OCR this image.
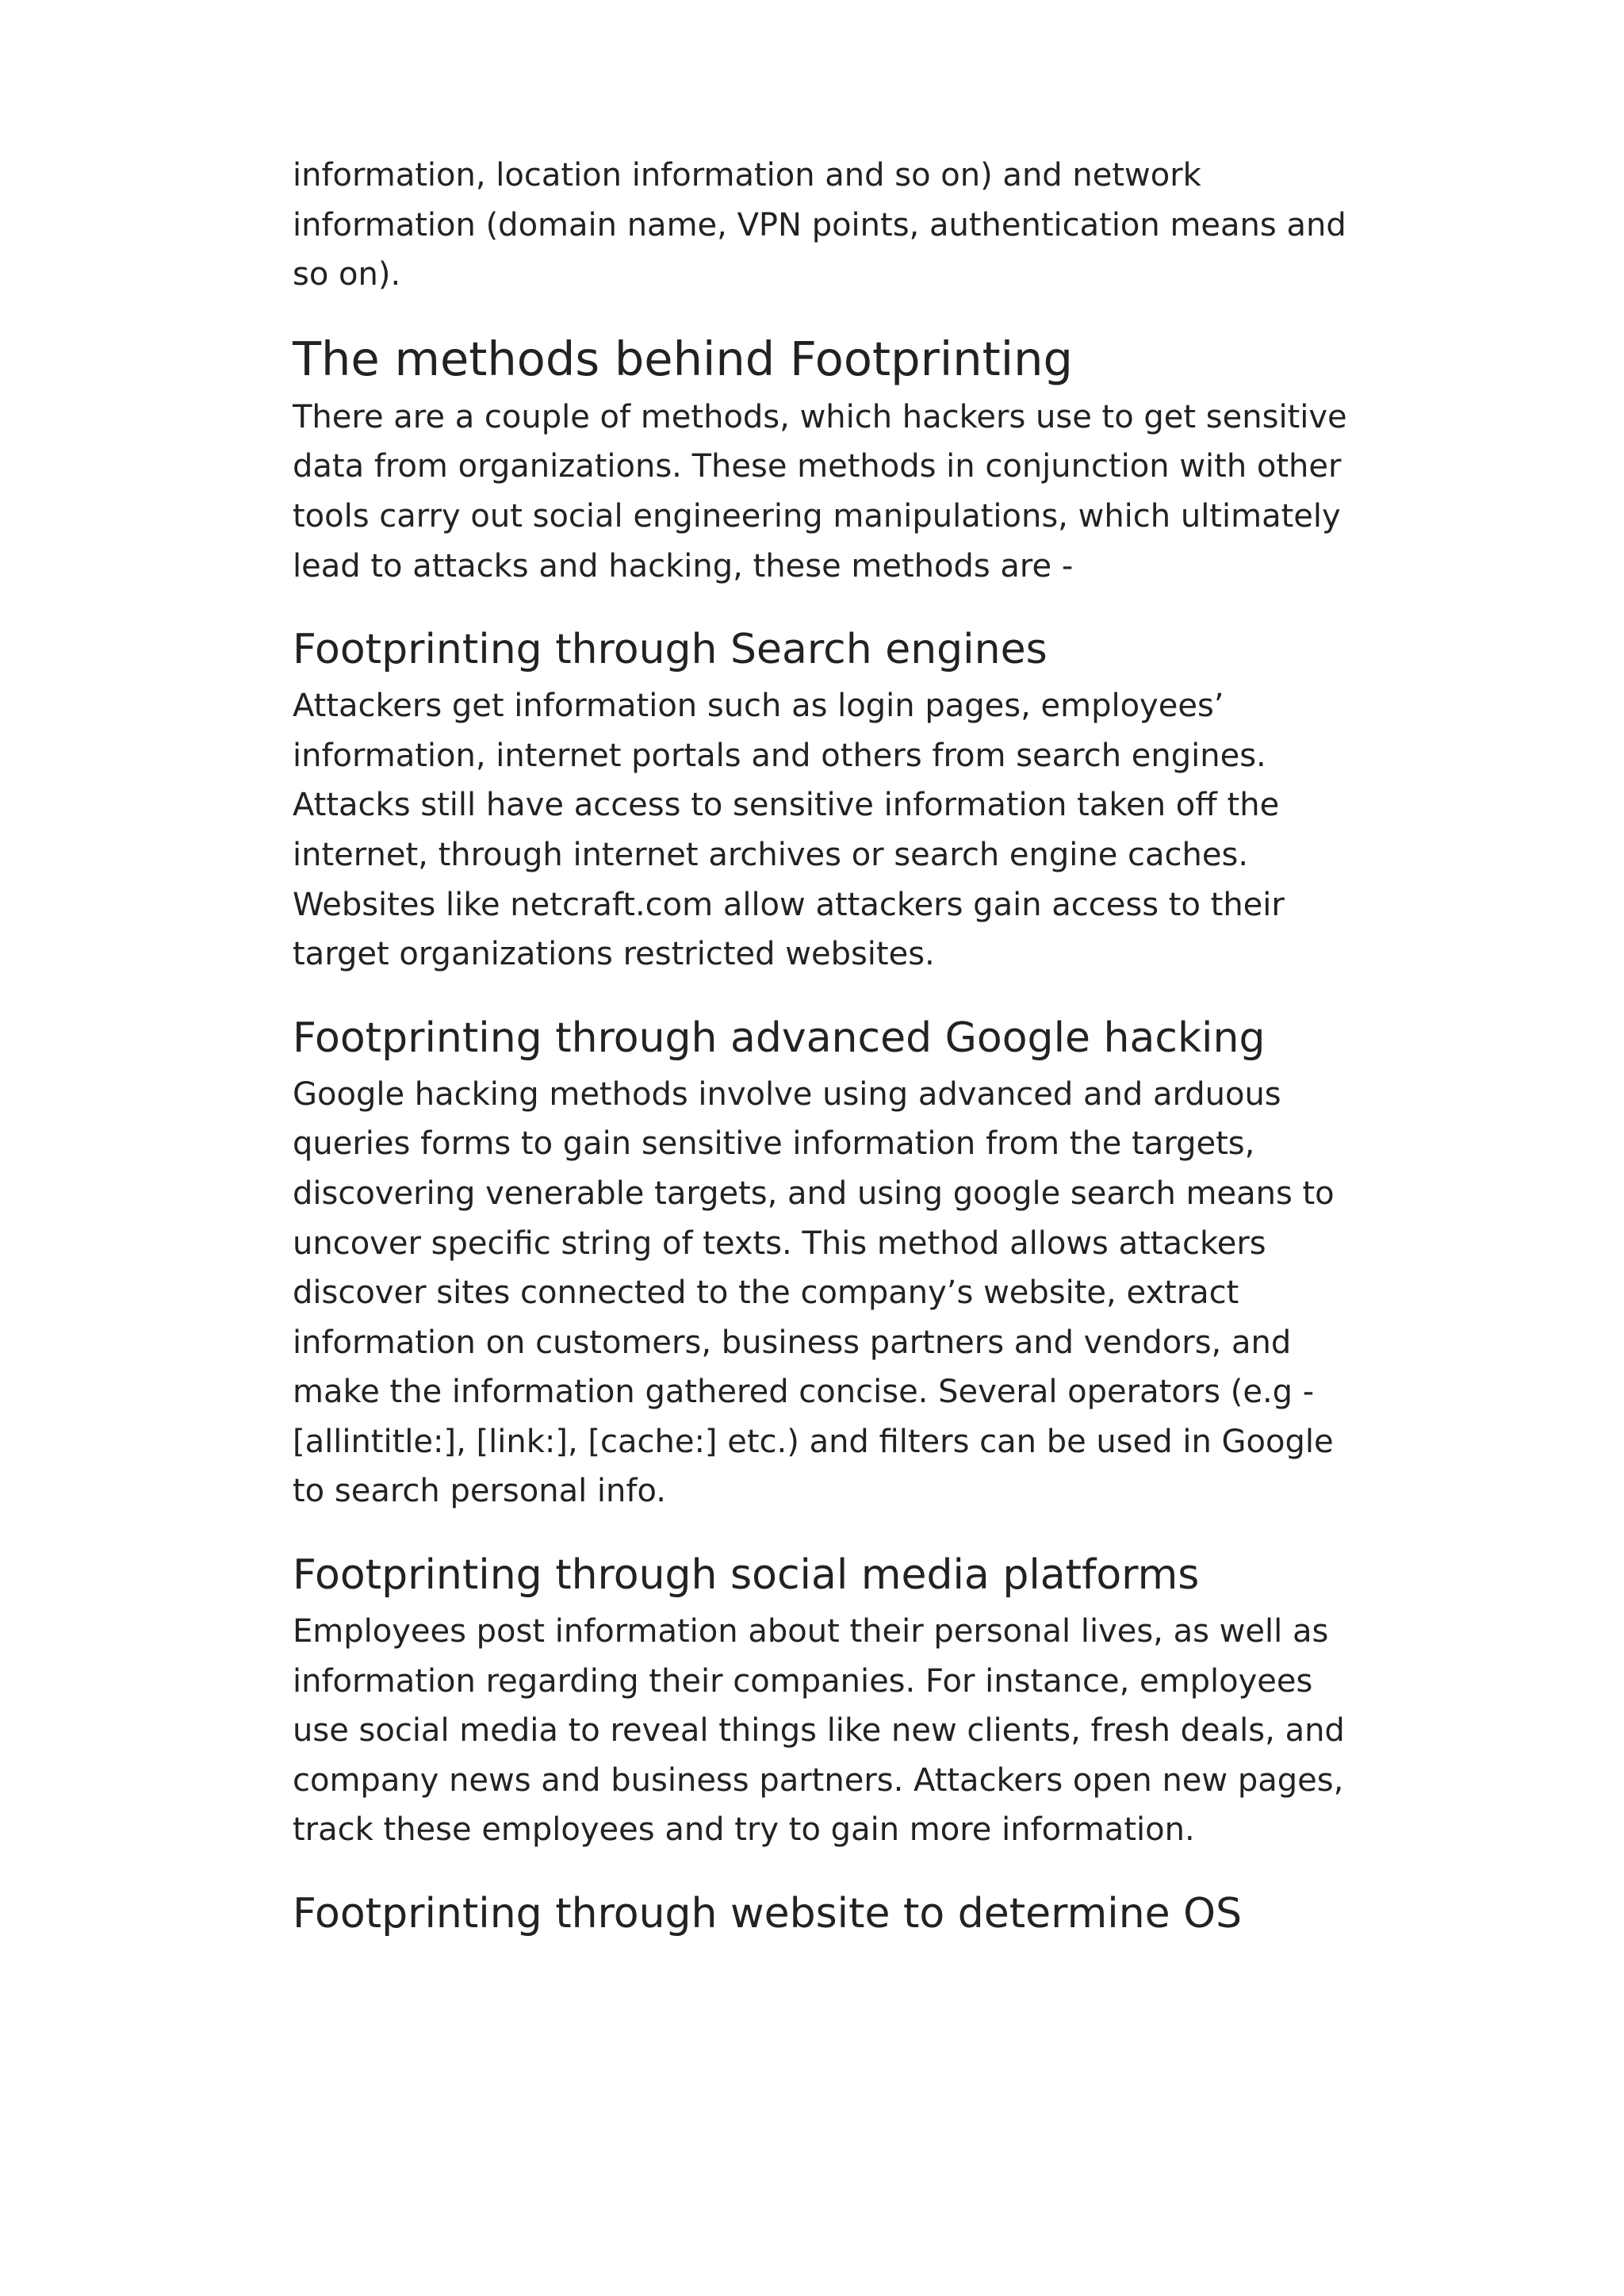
information, location information and so on) and network information (domain name, VPN points, authentication means and so on).

The methods behind Footprinting

There are a couple of methods, which hackers use to get sensitive data from organizations. These methods in conjunction with other tools carry out social engineering manipulations, which ultimately lead to attacks and hacking, these methods are -

Footprinting through Search engines

Attackers get information such as login pages, employees’ information, internet portals and others from search engines. Attacks still have access to sensitive information taken off the internet, through internet archives or search engine caches. Websites like netcraft.com allow attackers gain access to their target organizations restricted websites.

Footprinting through advanced Google hacking

Google hacking methods involve using advanced and arduous queries forms to gain sensitive information from the targets, discovering venerable targets, and using google search means to uncover specific string of texts. This method allows attackers discover sites connected to the company’s website, extract information on customers, business partners and vendors, and make the information gathered concise. Several operators (e.g - [allintitle:], [link:], [cache:] etc.) and filters can be used in Google to search personal info.

Footprinting through social media platforms

Employees post information about their personal lives, as well as information regarding their companies. For instance, employees use social media to reveal things like new clients, fresh deals, and company news and business partners. Attackers open new pages, track these employees and try to gain more information.

Footprinting through website to determine OS
